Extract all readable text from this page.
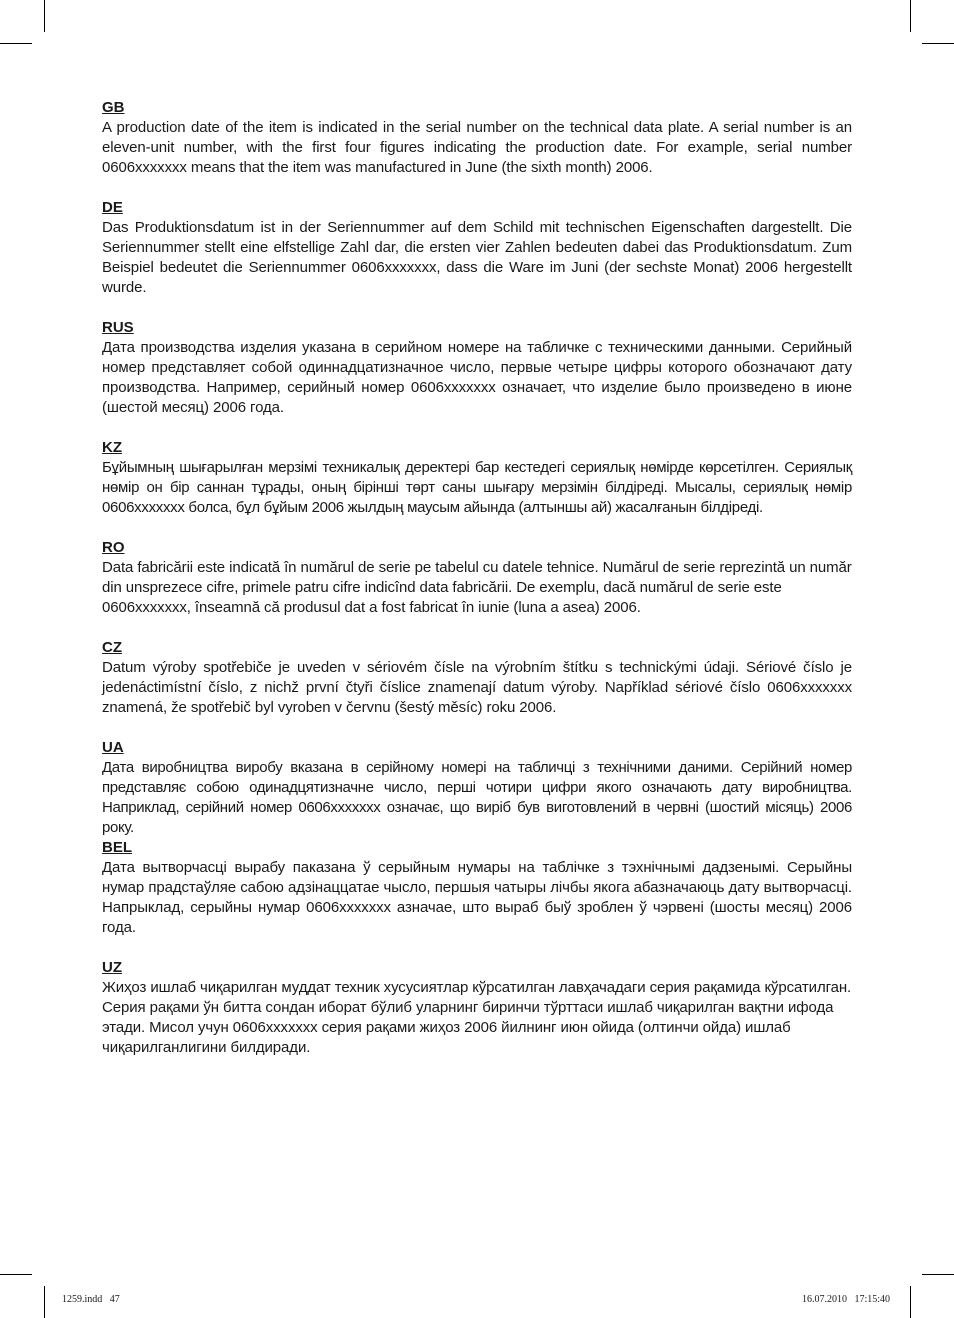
GB

A production date of the item is indicated in the serial number on the technical data plate. A serial number is an eleven-unit number, with the first four figures indicating the production date. For example, serial number 0606xxxxxxx means that the item was manufactured in June (the sixth month) 2006.

DE

Das Produktionsdatum ist in der Seriennummer auf dem Schild mit technischen Eigenschaften dargestellt. Die Seriennummer stellt eine elfstellige Zahl dar, die ersten vier Zahlen bedeuten dabei das Produktionsdatum. Zum Beispiel bedeutet die Seriennummer 0606xxxxxxx, dass die Ware im Juni (der sechste Monat) 2006 hergestellt wurde.

RUS

Дата производства изделия указана в серийном номере на табличке с техническими данными. Серийный номер представляет собой одиннадцатизначное число, первые четыре цифры которого обозначают дату производства. Например, серийный номер 0606xxxxxxx означает, что изделие было произведено в июне (шестой месяц) 2006 года.

KZ

Бұйымның шығарылған мерзімі техникалық деректері бар кестедегі сериялық нөмірде көрсетілген. Сериялық нөмір он бір саннан тұрады, оның бірінші төрт саны шығару мерзімін білдіреді. Мысалы, сериялық нөмір 0606xxxxxxx болса, бұл бұйым 2006 жылдың маусым айында (алтыншы ай) жасалғанын білдіреді.

RO

Data fabricării este indicată în numărul de serie pe tabelul cu datele tehnice. Numărul de serie reprezintă un număr din unsprezece cifre, primele patru cifre indicînd data fabricării. De exemplu, dacă numărul de serie este 0606xxxxxxx, înseamnă că produsul dat a fost fabricat în iunie (luna a asea) 2006.

CZ

Datum výroby spotřebiče je uveden v sériovém čísle na výrobním štítku s technickými údaji. Sériové číslo je jedenáctimístní číslo, z nichž první čtyři číslice znamenají datum výroby. Například sériové číslo 0606xxxxxxx znamená, že spotřebič byl vyroben v červnu (šestý měsíc) roku 2006.

UA

Дата виробництва виробу вказана в серійному номері на табличці з технічними даними. Серійний номер представляє собою одинадцятизначне число, перші чотири цифри якого означають дату виробництва. Наприклад, серійний номер 0606xxxxxxx означає, що виріб був виготовлений в червні (шостий місяць) 2006 року.

BEL

Дата вытворчасці вырабу паказана ў серыйным нумары на таблічке з тэхнічнымі дадзенымі. Серыйны нумар прадстаўляе сабою адзінаццатае чысло, першыя чатыры лічбы якога абазначаюць дату вытворчасці. Напрыклад, серыйны нумар 0606xxxxxxx азначае, што выраб быў зроблен ў чэрвені (шосты месяц) 2006 года.

UZ

Жиҳоз ишлаб чиқарилган муддат техник хусусиятлар кўрсатилган лавҳачадаги серия рақамида кўрсатилган. Серия рақами ўн битта сондан иборат бўлиб уларнинг биринчи тўрттаси ишлаб чиқарилган вақтни ифода этади. Мисол учун 0606xxxxxxx серия рақами жиҳоз 2006 йилнинг июн ойида (олтинчи ойда) ишлаб чиқарилганлигини билдиради.

1259.indd   47	16.07.2010   17:15:40
